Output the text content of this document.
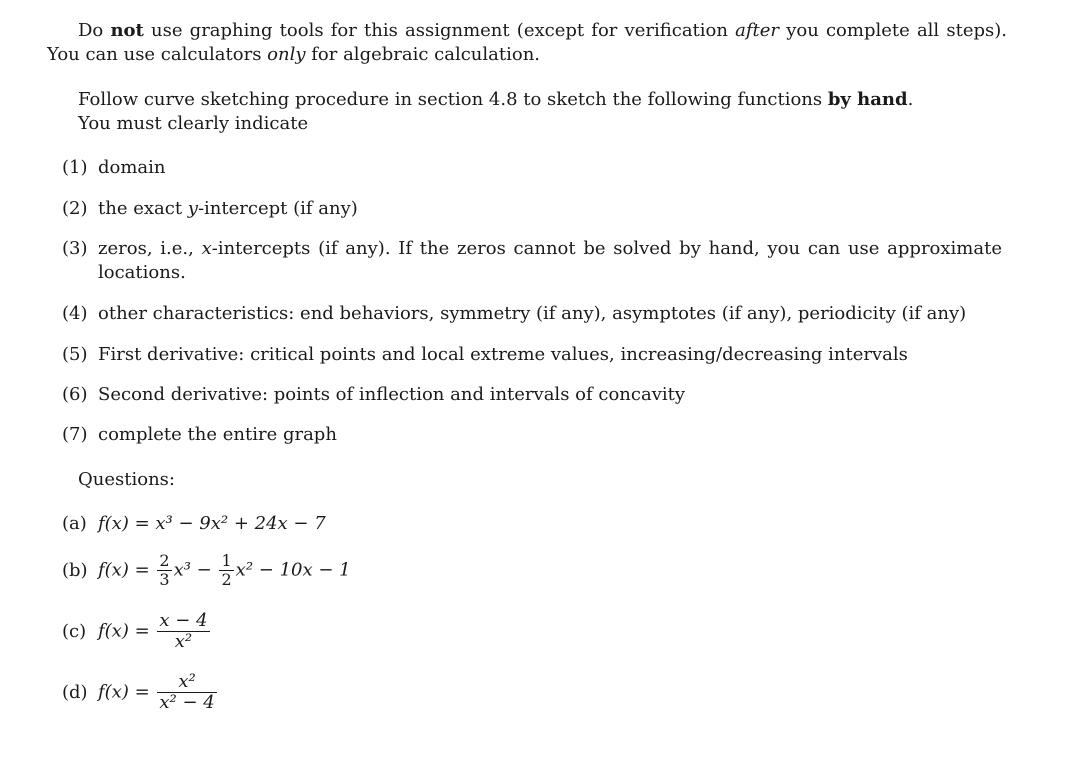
Do not use graphing tools for this assignment (except for verification after you complete all steps). You can use calculators only for algebraic calculation.
Follow curve sketching procedure in section 4.8 to sketch the following functions by hand.
You must clearly indicate
(1) domain
(2) the exact y-intercept (if any)
(3) zeros, i.e., x-intercepts (if any). If the zeros cannot be solved by hand, you can use approximate locations.
(4) other characteristics: end behaviors, symmetry (if any), asymptotes (if any), periodicity (if any)
(5) First derivative: critical points and local extreme values, increasing/decreasing intervals
(6) Second derivative: points of inflection and intervals of concavity
(7) complete the entire graph
Questions:
(a) f(x) = x³ − 9x² + 24x − 7
(b) $f(x) = \frac{2}{3} x^3 - \frac{1}{2} x^2 - 10x - 1$
(c) $f(x) = \frac{x - 4}{\text{x²}}$
(d) $f(x) = \frac{\text{x²}}{\text{x² − 4}}$
